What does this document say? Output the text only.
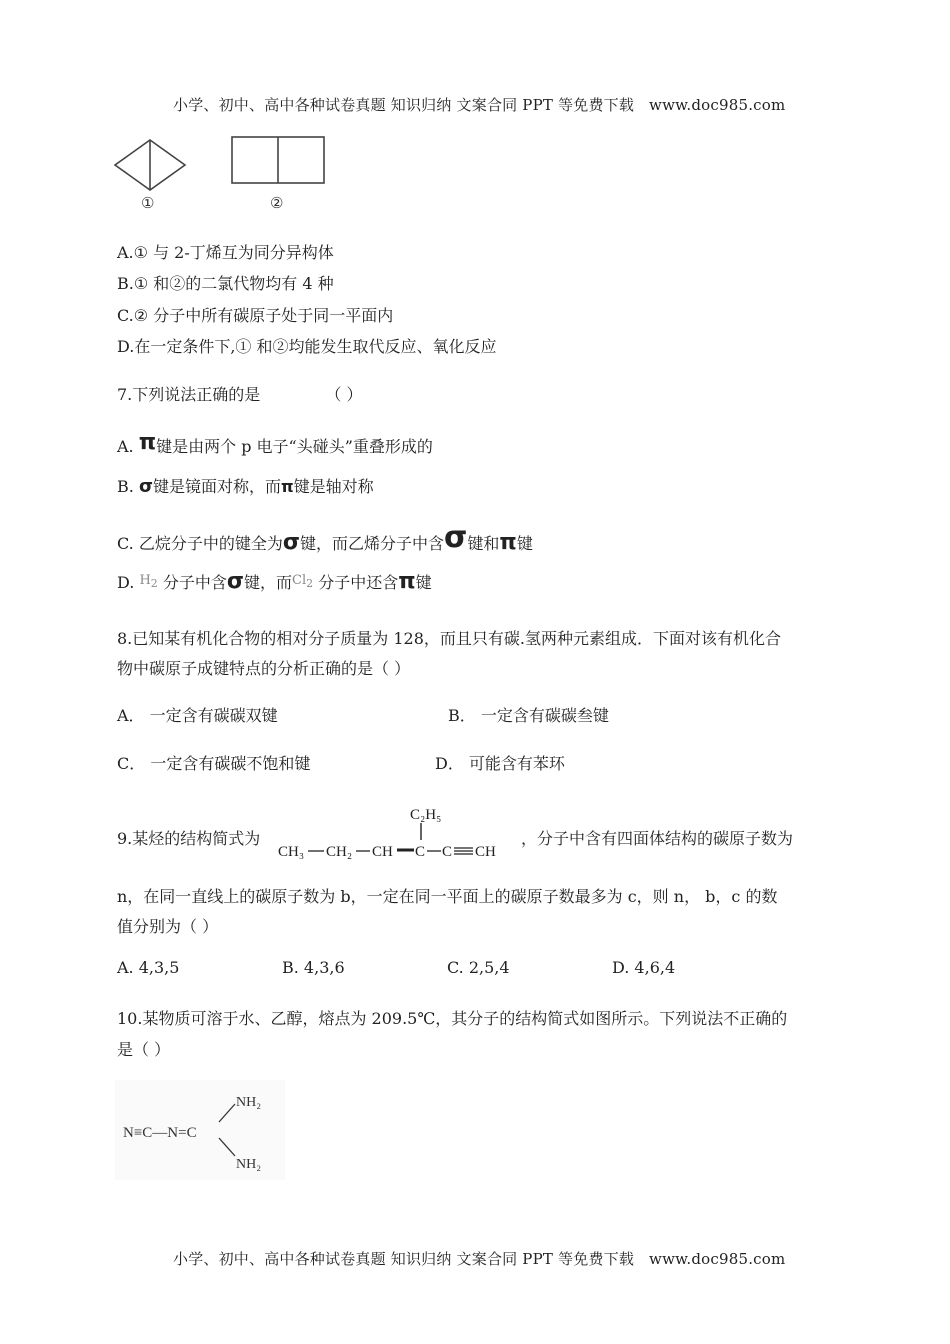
小学、初中、高中各种试卷真题 知识归纳 文案合同 PPT 等免费下载 www.doc985.com
①	②
A.① 与 2-丁烯互为同分异构体
B.① 和②的二氯代物均有 4 种
C.② 分子中所有碳原子处于同一平面内
D.在一定条件下,① 和②均能发生取代反应、氧化反应
7.下列说法正确的是	（ ）
A. π键是由两个 p 电子“头碰头”重叠形成的
B. σ键是镜面对称，而π键是轴对称
C. 乙烷分子中的键全为σ键，而乙烯分子中含σ键和π键
D. $^{H_2}$ 分子中含σ键，而$^{Cl_2}$ 分子中还含π键
8.已知某有机化合物的相对分子质量为 128，而且只有碳.氢两种元素组成．下面对该有机化合
物中碳原子成键特点的分析正确的是（ ）
A． 一定含有碳碳双键	B． 一定含有碳碳叁键
C． 一定含有碳碳不饱和键	D． 可能含有苯环
9.某烃的结构简式为
C₂H₅
CH₃ CH₂ CH C C CH
，分子中含有四面体结构的碳原子数为
n，在同一直线上的碳原子数为 b，一定在同一平面上的碳原子数最多为 c，则 n， b，c 的数
值分别为（ ）
A. 4,3,5	B. 4,3,6	C. 2,5,4	D. 4,6,4
10.某物质可溶于水、乙醇，熔点为 209.5℃，其分子的结构简式如图所示。下列说法不正确的
是（ ）
N≡C—N=C
NH₂
NH₂
小学、初中、高中各种试卷真题 知识归纳 文案合同 PPT 等免费下载 www.doc985.com
